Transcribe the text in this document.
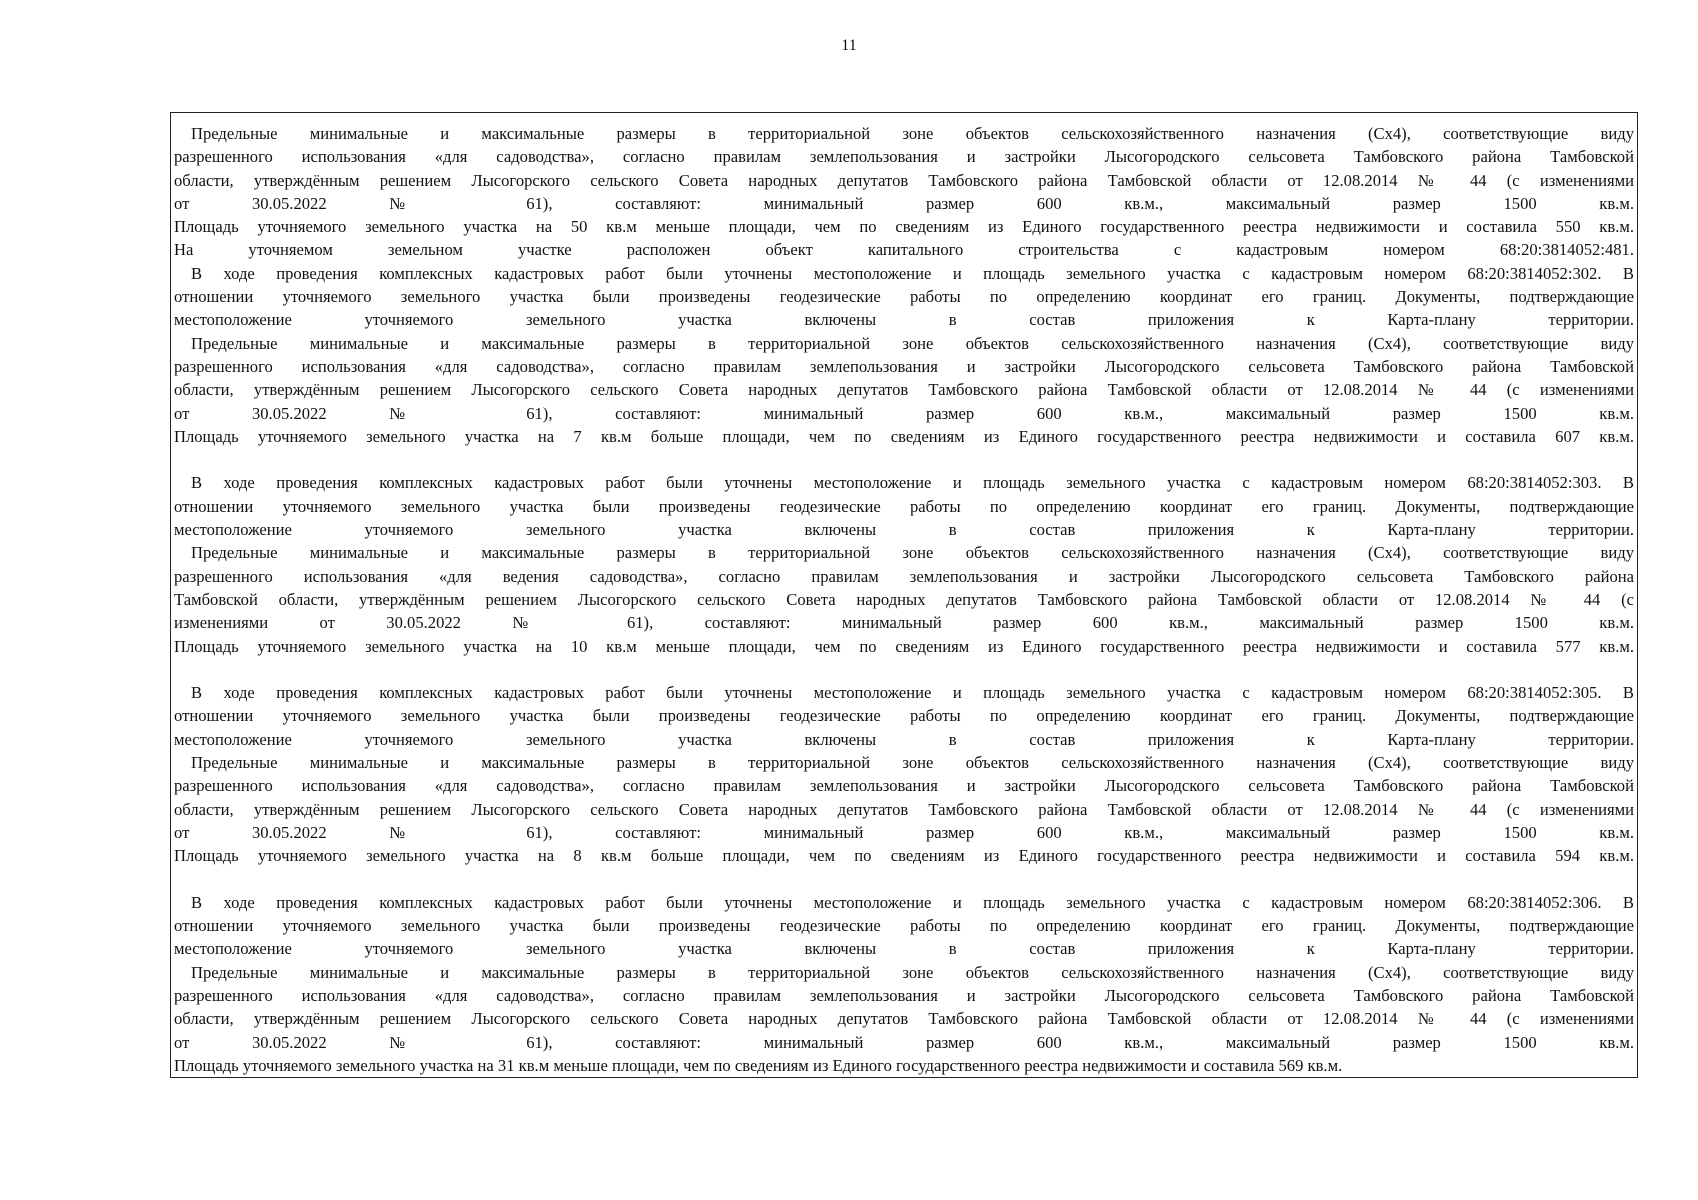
11
Предельные минимальные и максимальные размеры в территориальной зоне объектов сельскохозяйственного назначения (Сх4), соответствующие виду
разрешенного использования «для садоводства», согласно правилам землепользования и застройки Лысогородского сельсовета Тамбовского района Тамбовской
области, утверждённым решением Лысогорского сельского Совета народных депутатов Тамбовского района Тамбовской области от 12.08.2014 № 44 (с изменениями
от 30.05.2022 № 61), составляют: минимальный размер 600 кв.м., максимальный размер 1500 кв.м.
Площадь уточняемого земельного участка на 50 кв.м меньше площади, чем по сведениям из Единого государственного реестра недвижимости и составила 550 кв.м.
На уточняемом земельном участке расположен объект капитального строительства с кадастровым номером 68:20:3814052:481.
В ходе проведения комплексных кадастровых работ были уточнены местоположение и площадь земельного участка с кадастровым номером 68:20:3814052:302. В
отношении уточняемого земельного участка были произведены геодезические работы по определению координат его границ. Документы, подтверждающие
местоположение уточняемого земельного участка включены в состав приложения к Карта-плану территории.
Предельные минимальные и максимальные размеры в территориальной зоне объектов сельскохозяйственного назначения (Сх4), соответствующие виду
разрешенного использования «для садоводства», согласно правилам землепользования и застройки Лысогородского сельсовета Тамбовского района Тамбовской
области, утверждённым решением Лысогорского сельского Совета народных депутатов Тамбовского района Тамбовской области от 12.08.2014 № 44 (с изменениями
от 30.05.2022 № 61), составляют: минимальный размер 600 кв.м., максимальный размер 1500 кв.м.
Площадь уточняемого земельного участка на 7 кв.м больше площади, чем по сведениям из Единого государственного реестра недвижимости и составила 607 кв.м.
В ходе проведения комплексных кадастровых работ были уточнены местоположение и площадь земельного участка с кадастровым номером 68:20:3814052:303. В
отношении уточняемого земельного участка были произведены геодезические работы по определению координат его границ. Документы, подтверждающие
местоположение уточняемого земельного участка включены в состав приложения к Карта-плану территории.
Предельные минимальные и максимальные размеры в территориальной зоне объектов сельскохозяйственного назначения (Сх4), соответствующие виду
разрешенного использования «для ведения садоводства», согласно правилам землепользования и застройки Лысогородского сельсовета Тамбовского района
Тамбовской области, утверждённым решением Лысогорского сельского Совета народных депутатов Тамбовского района Тамбовской области от 12.08.2014 № 44 (с
изменениями от 30.05.2022 № 61), составляют: минимальный размер 600 кв.м., максимальный размер 1500 кв.м.
Площадь уточняемого земельного участка на 10 кв.м меньше площади, чем по сведениям из Единого государственного реестра недвижимости и составила 577 кв.м.
В ходе проведения комплексных кадастровых работ были уточнены местоположение и площадь земельного участка с кадастровым номером 68:20:3814052:305. В
отношении уточняемого земельного участка были произведены геодезические работы по определению координат его границ. Документы, подтверждающие
местоположение уточняемого земельного участка включены в состав приложения к Карта-плану территории.
Предельные минимальные и максимальные размеры в территориальной зоне объектов сельскохозяйственного назначения (Сх4), соответствующие виду
разрешенного использования «для садоводства», согласно правилам землепользования и застройки Лысогородского сельсовета Тамбовского района Тамбовской
области, утверждённым решением Лысогорского сельского Совета народных депутатов Тамбовского района Тамбовской области от 12.08.2014 № 44 (с изменениями
от 30.05.2022 № 61), составляют: минимальный размер 600 кв.м., максимальный размер 1500 кв.м.
Площадь уточняемого земельного участка на 8 кв.м больше площади, чем по сведениям из Единого государственного реестра недвижимости и составила 594 кв.м.
В ходе проведения комплексных кадастровых работ были уточнены местоположение и площадь земельного участка с кадастровым номером 68:20:3814052:306. В
отношении уточняемого земельного участка были произведены геодезические работы по определению координат его границ. Документы, подтверждающие
местоположение уточняемого земельного участка включены в состав приложения к Карта-плану территории.
Предельные минимальные и максимальные размеры в территориальной зоне объектов сельскохозяйственного назначения (Сх4), соответствующие виду
разрешенного использования «для садоводства», согласно правилам землепользования и застройки Лысогородского сельсовета Тамбовского района Тамбовской
области, утверждённым решением Лысогорского сельского Совета народных депутатов Тамбовского района Тамбовской области от 12.08.2014 № 44 (с изменениями
от 30.05.2022 № 61), составляют: минимальный размер 600 кв.м., максимальный размер 1500 кв.м.
Площадь уточняемого земельного участка на 31 кв.м меньше площади, чем по сведениям из Единого государственного реестра недвижимости и составила 569 кв.м.
